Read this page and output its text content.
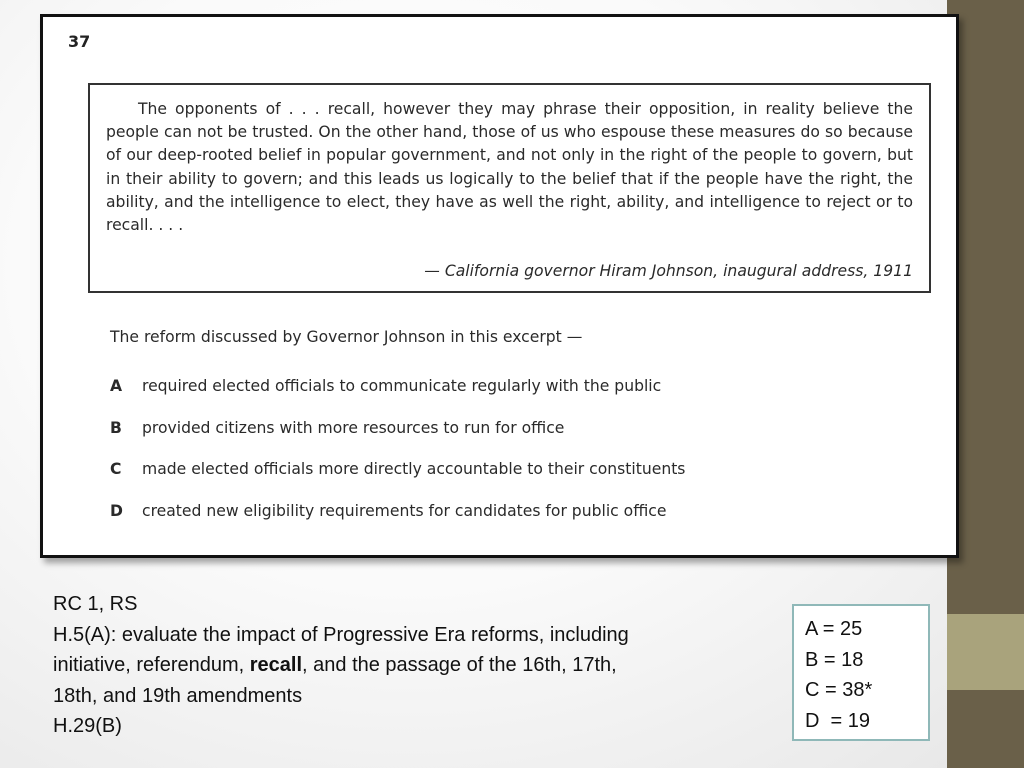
37

The opponents of . . . recall, however they may phrase their opposition, in reality believe the people can not be trusted. On the other hand, those of us who espouse these measures do so because of our deep-rooted belief in popular government, and not only in the right of the people to govern, but in their ability to govern; and this leads us logically to the belief that if the people have the right, the ability, and the intelligence to elect, they have as well the right, ability, and intelligence to reject or to recall. . . .

— California governor Hiram Johnson, inaugural address, 1911
The reform discussed by Governor Johnson in this excerpt —
A required elected officials to communicate regularly with the public
B provided citizens with more resources to run for office
C made elected officials more directly accountable to their constituents
D created new eligibility requirements for candidates for public office
RC 1, RS
H.5(A): evaluate the impact of Progressive Era reforms, including
initiative, referendum, recall, and the passage of the 16th, 17th,
18th, and 19th amendments
H.29(B)
A = 25
B = 18
C = 38*
D  = 19
